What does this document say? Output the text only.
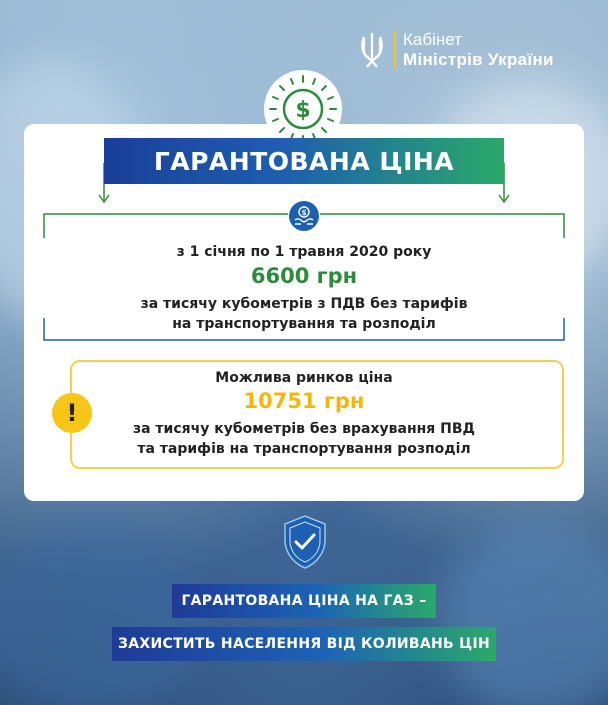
Кабінет
Міністрів України
$
ГАРАНТОВАНА ЦІНА
$
з 1 січня по 1 травня 2020 року
6600 грн
за тисячу кубометрів з ПДВ без тарифів
на транспортування та розподіл
!
Можлива ринков ціна
10751 грн
за тисячу кубометрів без врахування ПВД
та тарифів на транспортування розподіл
ГАРАНТОВАНА ЦІНА НА ГАЗ –
ЗАХИСТИТЬ НАСЕЛЕННЯ ВІД КОЛИВАНЬ ЦІН
